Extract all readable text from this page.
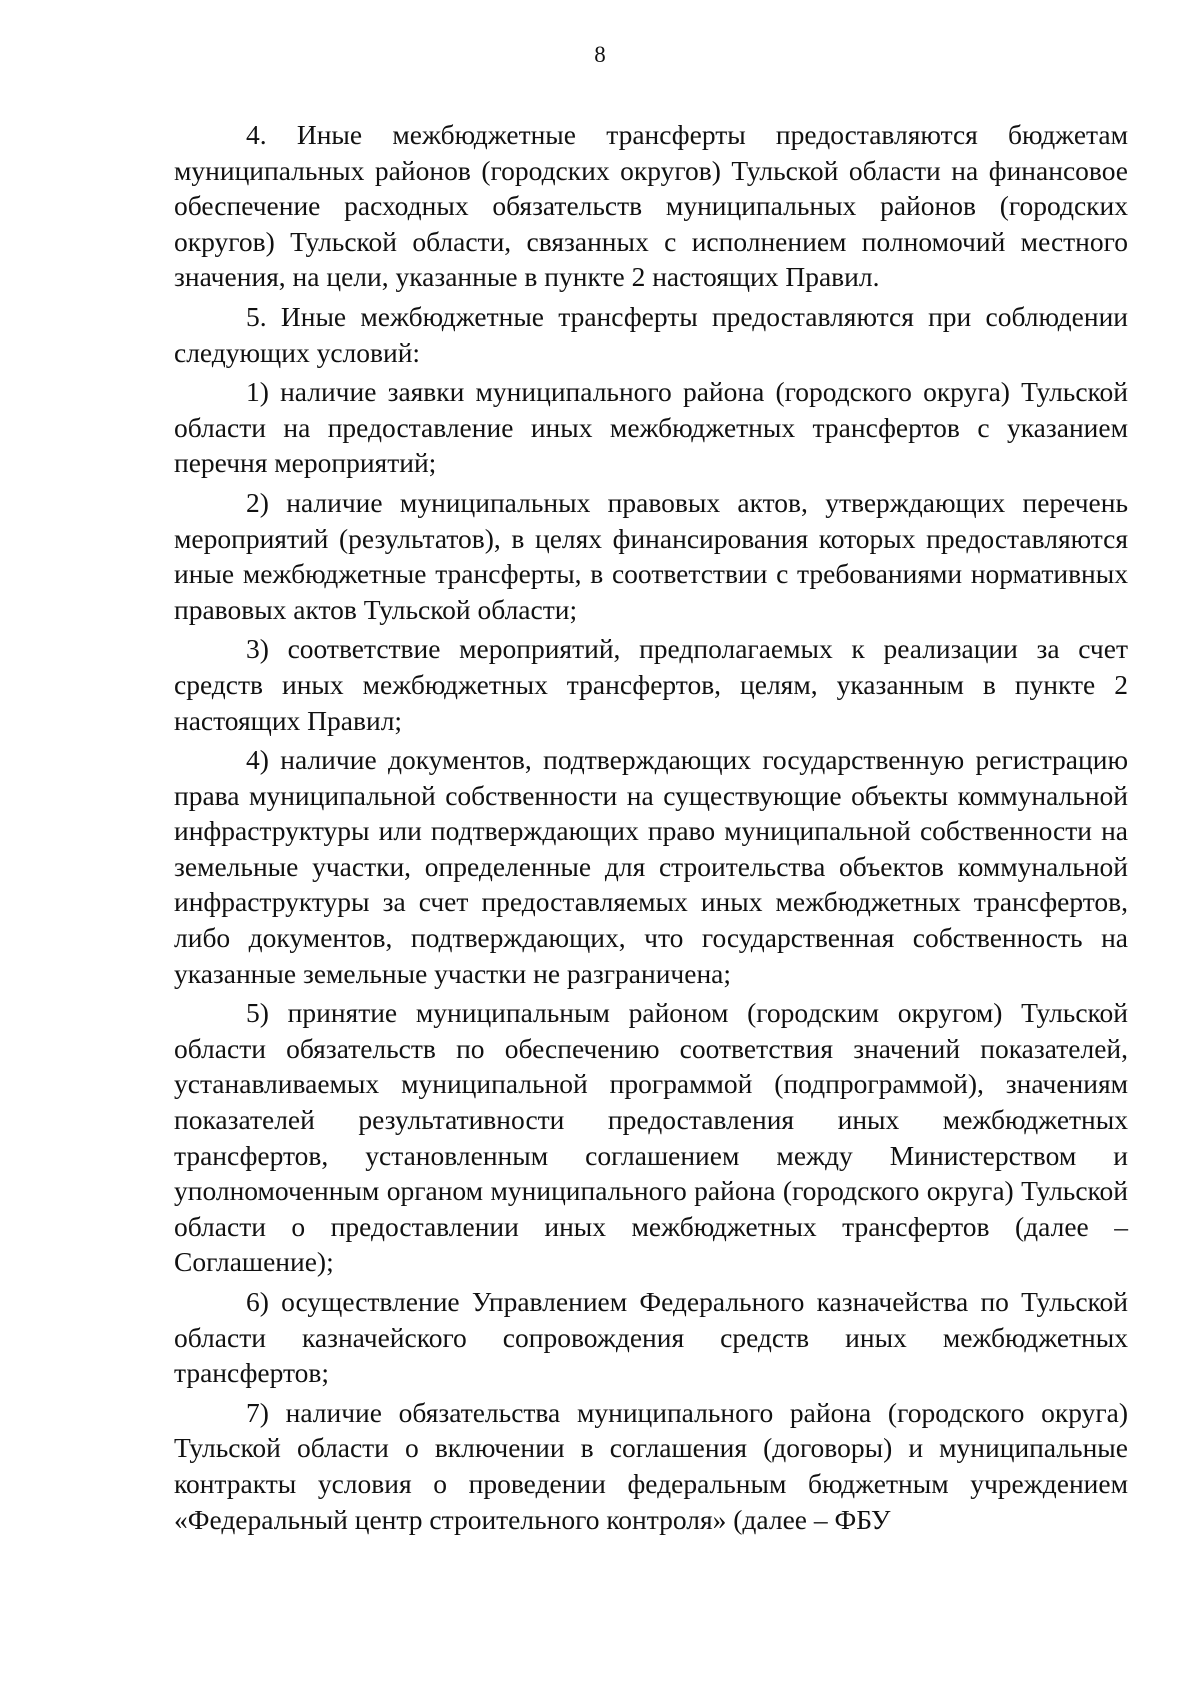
8

4. Иные межбюджетные трансферты предоставляются бюджетам муниципальных районов (городских округов) Тульской области на финансовое обеспечение расходных обязательств муниципальных районов (городских округов) Тульской области, связанных с исполнением полномочий местного значения, на цели, указанные в пункте 2 настоящих Правил.

5. Иные межбюджетные трансферты предоставляются при соблюдении следующих условий:

1) наличие заявки муниципального района (городского округа) Тульской области на предоставление иных межбюджетных трансфертов с указанием перечня мероприятий;

2) наличие муниципальных правовых актов, утверждающих перечень мероприятий (результатов), в целях финансирования которых предоставляются иные межбюджетные трансферты, в соответствии с требованиями нормативных правовых актов Тульской области;

3) соответствие мероприятий, предполагаемых к реализации за счет средств иных межбюджетных трансфертов, целям, указанным в пункте 2 настоящих Правил;

4) наличие документов, подтверждающих государственную регистрацию права муниципальной собственности на существующие объекты коммунальной инфраструктуры или подтверждающих право муниципальной собственности на земельные участки, определенные для строительства объектов коммунальной инфраструктуры за счет предоставляемых иных межбюджетных трансфертов, либо документов, подтверждающих, что государственная собственность на указанные земельные участки не разграничена;

5) принятие муниципальным районом (городским округом) Тульской области обязательств по обеспечению соответствия значений показателей, устанавливаемых муниципальной программой (подпрограммой), значениям показателей результативности предоставления иных межбюджетных трансфертов, установленным соглашением между Министерством и уполномоченным органом муниципального района (городского округа) Тульской области о предоставлении иных межбюджетных трансфертов (далее – Соглашение);

6) осуществление Управлением Федерального казначейства по Тульской области казначейского сопровождения средств иных межбюджетных трансфертов;

7) наличие обязательства муниципального района (городского округа) Тульской области о включении в соглашения (договоры) и муниципальные контракты условия о проведении федеральным бюджетным учреждением «Федеральный центр строительного контроля» (далее – ФБУ
